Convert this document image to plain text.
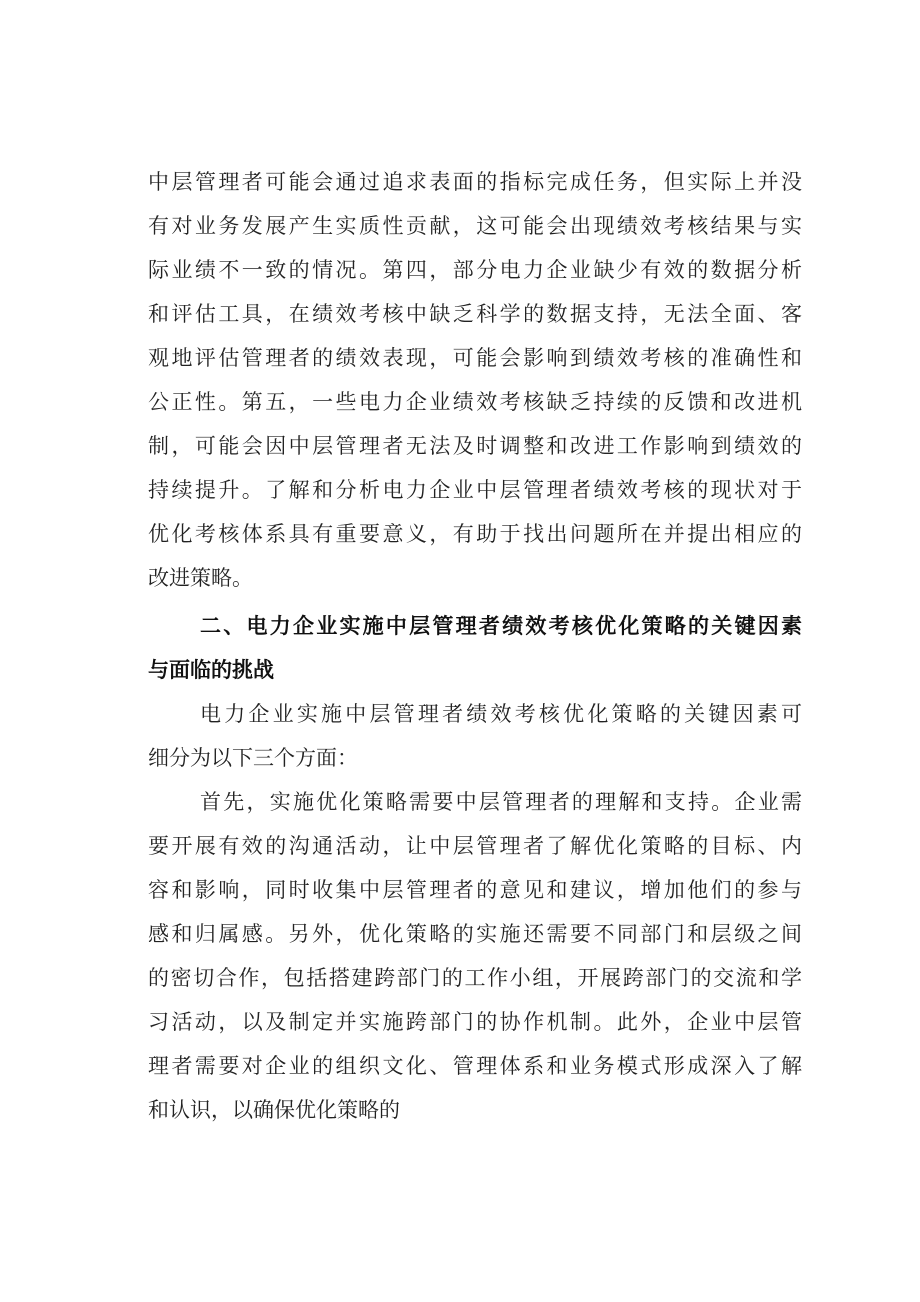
中层管理者可能会通过追求表面的指标完成任务，但实际上并没
有对业务发展产生实质性贡献，这可能会出现绩效考核结果与实
际业绩不一致的情况。第四，部分电力企业缺少有效的数据分析
和评估工具，在绩效考核中缺乏科学的数据支持，无法全面、客
观地评估管理者的绩效表现，可能会影响到绩效考核的准确性和
公正性。第五，一些电力企业绩效考核缺乏持续的反馈和改进机
制，可能会因中层管理者无法及时调整和改进工作影响到绩效的
持续提升。了解和分析电力企业中层管理者绩效考核的现状对于
优化考核体系具有重要意义，有助于找出问题所在并提出相应的
改进策略。
二、电力企业实施中层管理者绩效考核优化策略的关键因素
与面临的挑战
电力企业实施中层管理者绩效考核优化策略的关键因素可
细分为以下三个方面：
首先，实施优化策略需要中层管理者的理解和支持。企业需
要开展有效的沟通活动，让中层管理者了解优化策略的目标、内
容和影响，同时收集中层管理者的意见和建议，增加他们的参与
感和归属感。另外，优化策略的实施还需要不同部门和层级之间
的密切合作，包括搭建跨部门的工作小组，开展跨部门的交流和学
习活动，以及制定并实施跨部门的协作机制。此外，企业中层管
理者需要对企业的组织文化、管理体系和业务模式形成深入了解
和认识，以确保优化策略的
